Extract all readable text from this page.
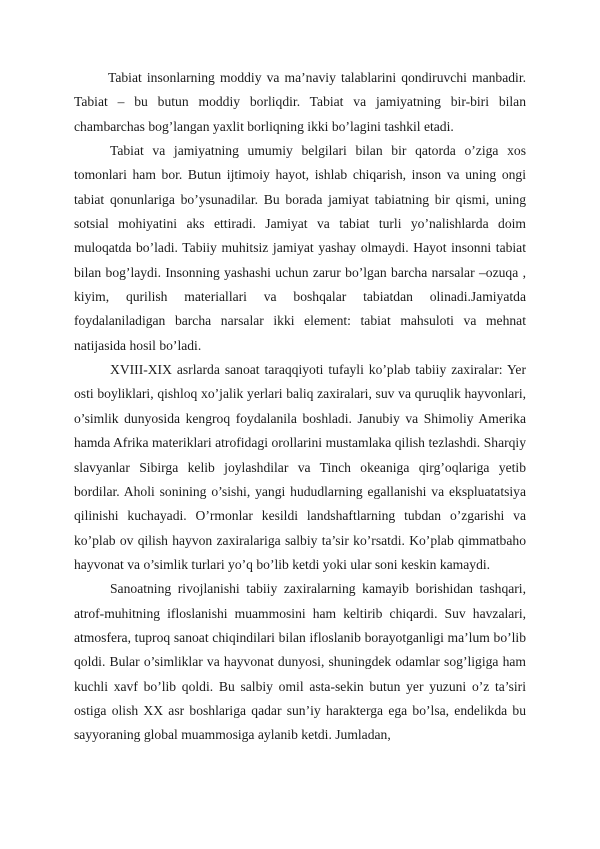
Tabiat insonlarning moddiy va ma’naviy talablarini qondiruvchi manbadir. Tabiat – bu butun moddiy borliqdir. Tabiat va jamiyatning bir-biri bilan chambarchas bog’langan yaxlit borliqning ikki bo’lagini tashkil etadi.

Tabiat va jamiyatning umumiy belgilari bilan bir qatorda o’ziga xos tomonlari ham bor. Butun ijtimoiy hayot, ishlab chiqarish, inson va uning ongi tabiat qonunlariga bo’ysunadilar. Bu borada jamiyat tabiatning bir qismi, uning sotsial mohiyatini aks ettiradi. Jamiyat va tabiat turli yo’nalishlarda doim muloqatda bo’ladi. Tabiiy muhitsiz jamiyat yashay olmaydi. Hayot insonni tabiat bilan bog’laydi. Insonning yashashi uchun zarur bo’lgan barcha narsalar –ozuqa , kiyim, qurilish materiallari va boshqalar tabiatdan olinadi.Jamiyatda foydalaniladigan barcha narsalar ikki element: tabiat mahsuloti va mehnat natijasida hosil bo’ladi.

XVIII-XIX asrlarda sanoat taraqqiyoti tufayli ko’plab tabiiy zaxiralar: Yer osti boyliklari, qishloq xo’jalik yerlari baliq zaxiralari, suv va quruqlik hayvonlari, o’simlik dunyosida kengroq foydalanila boshladi. Janubiy va Shimoliy Amerika hamda Afrika materiklari atrofidagi orollarini mustamlaka qilish tezlashdi. Sharqiy slavyanlar Sibirga kelib joylashdilar va Tinch okeaniga qirg’oqlariga yetib bordilar. Aholi sonining o’sishi, yangi hududlarning egallanishi va ekspluatatsiya qilinishi kuchayadi. O’rmonlar kesildi landshaftlarning tubdan o’zgarishi va ko’plab ov qilish hayvon zaxiralariga salbiy ta’sir ko’rsatdi. Ko’plab qimmatbaho hayvonat va o’simlik turlari yo’q bo’lib ketdi yoki ular soni keskin kamaydi.

Sanoatning rivojlanishi tabiiy zaxiralarning kamayib borishidan tashqari, atrof-muhitning ifloslanishi muammosini ham keltirib chiqardi. Suv havzalari, atmosfera, tuproq sanoat chiqindilari bilan ifloslanib borayotganligi ma’lum bo’lib qoldi. Bular o’simliklar va hayvonat dunyosi, shuningdek odamlar sog’ligiga ham kuchli xavf bo’lib qoldi. Bu salbiy omil asta-sekin butun yer yuzuni o’z ta’siri ostiga olish XX asr boshlariga qadar sun’iy harakterga ega bo’lsa, endelikda bu sayyoraning global muammosiga aylanib ketdi. Jumladan,
